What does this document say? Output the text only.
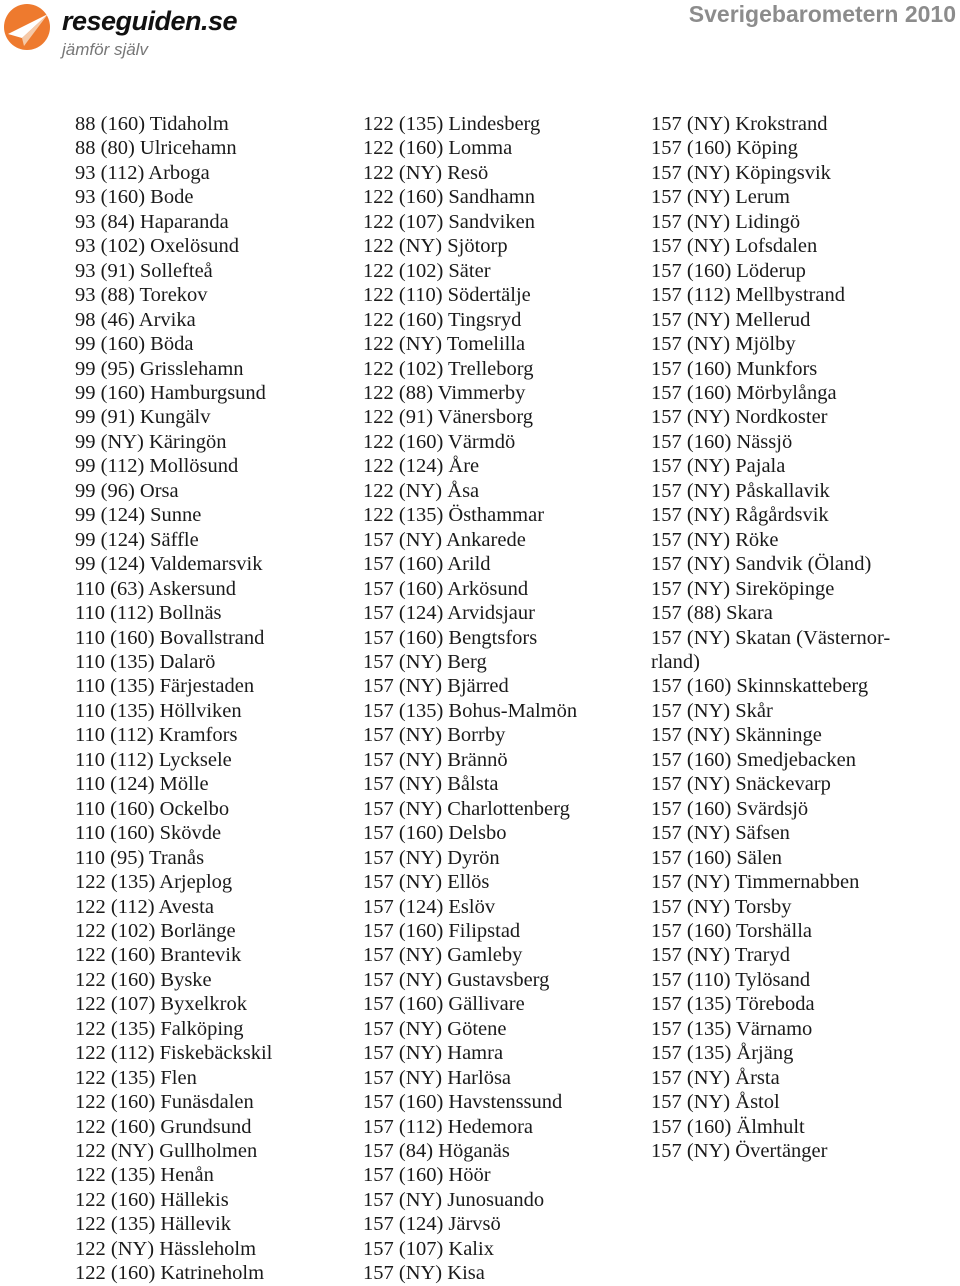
reseguiden.se
jämför själv
Sverigebarometern 2010
88 (160) Tidaholm
88 (80) Ulricehamn
93 (112) Arboga
93 (160) Bode
93 (84) Haparanda
93 (102) Oxelösund
93 (91) Sollefteå
93 (88) Torekov
98 (46) Arvika
99 (160) Böda
99 (95) Grisslehamn
99 (160) Hamburgsund
99 (91) Kungälv
99 (NY) Käringön
99 (112) Mollösund
99 (96) Orsa
99 (124) Sunne
99 (124) Säffle
99 (124) Valdemarsvik
110 (63) Askersund
110 (112) Bollnäs
110 (160) Bovallstrand
110 (135) Dalarö
110 (135) Färjestaden
110 (135) Höllviken
110 (112) Kramfors
110 (112) Lycksele
110 (124) Mölle
110 (160) Ockelbo
110 (160) Skövde
110 (95) Tranås
122 (135) Arjeplog
122 (112) Avesta
122 (102) Borlänge
122 (160) Brantevik
122 (160) Byske
122 (107) Byxelkrok
122 (135) Falköping
122 (112) Fiskebäckskil
122 (135) Flen
122 (160) Funäsdalen
122 (160) Grundsund
122 (NY) Gullholmen
122 (135) Henån
122 (160) Hällekis
122 (135) Hällevik
122 (NY) Hässleholm
122 (160) Katrineholm
122 (135) Lindesberg
122 (160) Lomma
122 (NY) Resö
122 (160) Sandhamn
122 (107) Sandviken
122 (NY) Sjötorp
122 (102) Säter
122 (110) Södertälje
122 (160) Tingsryd
122 (NY) Tomelilla
122 (102) Trelleborg
122 (88) Vimmerby
122 (91) Vänersborg
122 (160) Värmdö
122 (124) Åre
122 (NY) Åsa
122 (135) Östhammar
157 (NY) Ankarede
157 (160) Arild
157 (160) Arkösund
157 (124) Arvidsjaur
157 (160) Bengtsfors
157 (NY) Berg
157 (NY) Bjärred
157 (135) Bohus-Malmön
157 (NY) Borrby
157 (NY) Brännö
157 (NY) Bålsta
157 (NY) Charlottenberg
157 (160) Delsbo
157 (NY) Dyrön
157 (NY) Ellös
157 (124) Eslöv
157 (160) Filipstad
157 (NY) Gamleby
157 (NY) Gustavsberg
157 (160) Gällivare
157 (NY) Götene
157 (NY) Hamra
157 (NY) Harlösa
157 (160) Havstenssund
157 (112) Hedemora
157 (84) Höganäs
157 (160) Höör
157 (NY) Junosuando
157 (124) Järvsö
157 (107) Kalix
157 (NY) Kisa
157 (NY) Krokstrand
157 (160) Köping
157 (NY) Köpingsvik
157 (NY) Lerum
157 (NY) Lidingö
157 (NY) Lofsdalen
157 (160) Löderup
157 (112) Mellbystrand
157 (NY) Mellerud
157 (NY) Mjölby
157 (160) Munkfors
157 (160) Mörbylånga
157 (NY) Nordkoster
157 (160) Nässjö
157 (NY) Pajala
157 (NY) Påskallavik
157 (NY) Rågårdsvik
157 (NY) Röke
157 (NY) Sandvik (Öland)
157 (NY) Sireköpinge
157 (88) Skara
157 (NY) Skatan (Västernor-
rland)
157 (160) Skinnskatteberg
157 (NY) Skår
157 (NY) Skänninge
157 (160) Smedjebacken
157 (NY) Snäckevarp
157 (160) Svärdsjö
157 (NY) Säfsen
157 (160) Sälen
157 (NY) Timmernabben
157 (NY) Torsby
157 (160) Torshälla
157 (NY) Traryd
157 (110) Tylösand
157 (135) Töreboda
157 (135) Värnamo
157 (135) Årjäng
157 (NY) Årsta
157 (NY) Åstol
157 (160) Älmhult
157 (NY) Övertänger
